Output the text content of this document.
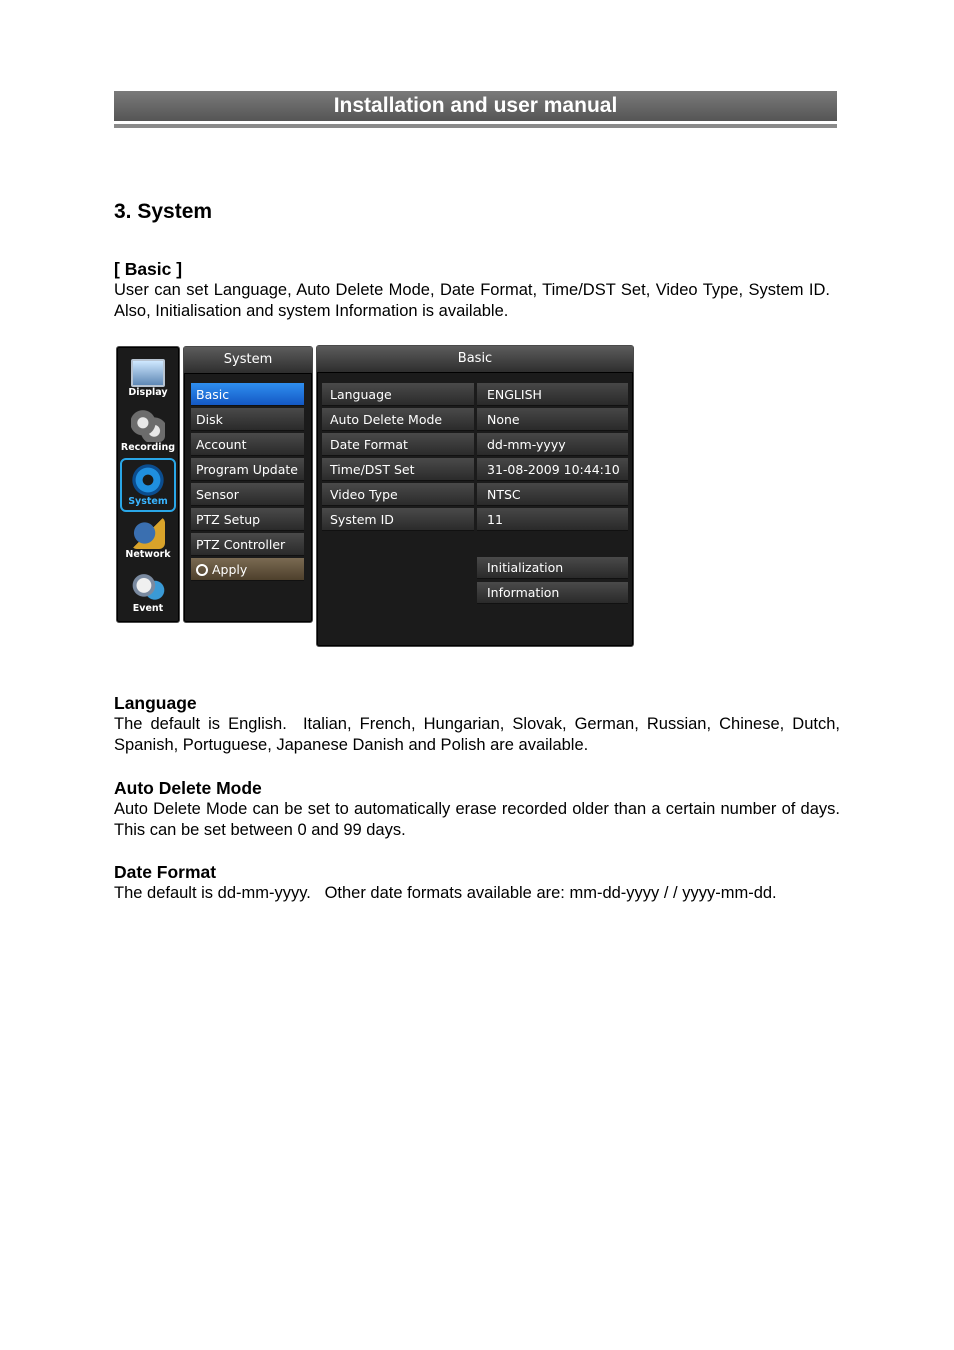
Installation and user manual
3. System
[ Basic ]

User can set Language, Auto Delete Mode, Date Format, Time/DST Set, Video Type, System ID.   Also, Initialisation and system Information is available.

Display
Recording
System
Network
Event
System
Basic
Disk
Account
Program Update
Sensor
PTZ Setup
PTZ Controller
Apply
Basic
Language	ENGLISH
Auto Delete Mode	None
Date Format	dd-mm-yyyy
Time/DST Set	31-08-2009 10:44:10
Video Type	NTSC
System ID	11
Initialization
Information
Language

The default is English.  Italian, French, Hungarian, Slovak, German, Russian, Chinese, Dutch, Spanish, Portuguese, Japanese Danish and Polish are available.

Auto Delete Mode

Auto Delete Mode can be set to automatically erase recorded older than a certain number of days. This can be set between 0 and 99 days.

Date Format

The default is dd-mm-yyyy.   Other date formats available are: mm-dd-yyyy / / yyyy-mm-dd.
